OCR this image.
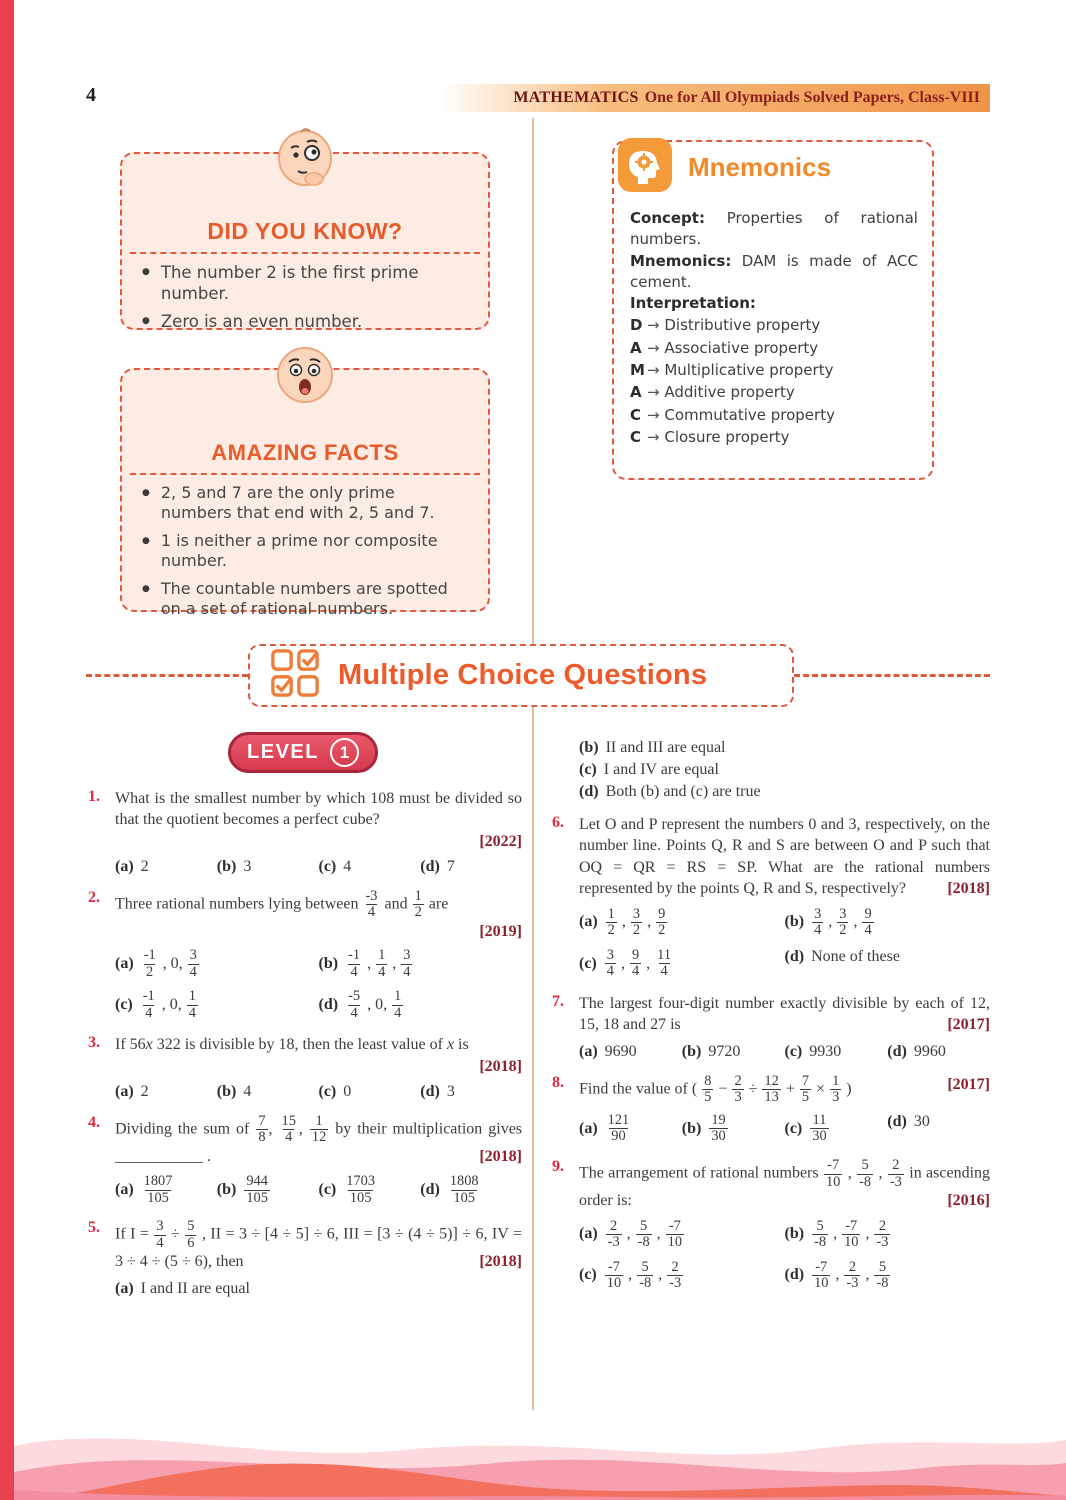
4	MATHEMATICS One for All Olympiads Solved Papers, Class-VIII
DID YOU KNOW?
● The number 2 is the first prime number.
● Zero is an even number.
AMAZING FACTS
● 2, 5 and 7 are the only prime numbers that end with 2, 5 and 7.
● 1 is neither a prime nor composite number.
● The countable numbers are spotted on a set of rational numbers.
Mnemonics

Concept: Properties of rational numbers.

Mnemonics: DAM is made of ACC cement.

Interpretation:

D → Distributive property

A → Associative property

M → Multiplicative property

A → Additive property

C → Commutative property

C → Closure property

Multiple Choice Questions
LEVEL	1
1. What is the smallest number by which 108 must be divided so that the quotient becomes a perfect cube?

[2022]
(a) 2	(b) 3	(c) 4	(d) 7
2. Three rational numbers lying between $\frac{-3}{4}$ and $\frac{1}{2}$ are

[2019]
$(a) \frac{-1}{2}$ , 0, $\frac{3}{4}$	$(b) \frac{-1}{4}$ , $\frac{1}{4}$ , $\frac{3}{4}$
$(c) \frac{-1}{4}$ , 0, $\frac{1}{4}$	$(d) \frac{-5}{4}$ , 0, $\frac{1}{4}$
3. If 56x 322 is divisible by 18, then the least value of x is

[2018]
(a) 2	(b) 4	(c) 0	(d) 3
4. Dividing the sum of $\frac{7}{8}$ , $\frac{15}{4}$ , $\frac{1}{12}$ by their multiplication gives ___________ .	[2018]

$(a) \frac{1807}{105}$	$(b) \frac{944}{105}$	$(c) \frac{1703}{105}$	$(d) \frac{1808}{105}$
5. If $I = \frac{3}{4} \div \frac{5}{6}$ , II = 3 ÷ [4 ÷ 5] ÷ 6, III = [3 ÷ (4 ÷ 5)] ÷ 6, IV = 3 ÷ 4 ÷ (5 ÷ 6), then	[2018]

(a) I and II are equal
(b) II and III are equal
(c) I and IV are equal
(d) Both (b) and (c) are true
6. Let O and P represent the numbers 0 and 3, respectively, on the number line. Points Q, R and S are between O and P such that OQ = QR = RS = SP. What are the rational numbers represented by the points Q, R and S, respectively?	[2018]

$(a) \frac{1}{2}$ , $\frac{3}{2}$ , $\frac{9}{2}$	$(b) \frac{3}{4}$ , $\frac{3}{2}$ , $\frac{9}{4}$
$(c) \frac{3}{4}$ , $\frac{9}{4}$ , $\frac{11}{4}$	(d) None of these
7. The largest four-digit number exactly divisible by each of 12, 15, 18 and 27 is	[2017]

(a) 9690	(b) 9720	(c) 9930	(d) 9960
8. Find the value of ( $\frac{8}{5} - \frac{2}{3} \div \frac{12}{13} + \frac{7}{5} \times \frac{1}{3}$ )	[2017]

$(a) \frac{121}{90}$	$(b) \frac{19}{30}$	$(c) \frac{11}{30}$	(d) 30
9. The arrangement of rational numbers $\frac{-7}{10}$ , $\frac{5}{-8}$ , $\frac{2}{-3}$ in ascending order is:	[2016]

$(a) \frac{2}{-3}$ , $\frac{5}{-8}$ , $\frac{-7}{10}$	$(b) \frac{5}{-8}$ , $\frac{-7}{10}$ , $\frac{2}{-3}$
$(c) \frac{-7}{10}$ , $\frac{5}{-8}$ , $\frac{2}{-3}$	$(d) \frac{-7}{10}$ , $\frac{2}{-3}$ , $\frac{5}{-8}$
